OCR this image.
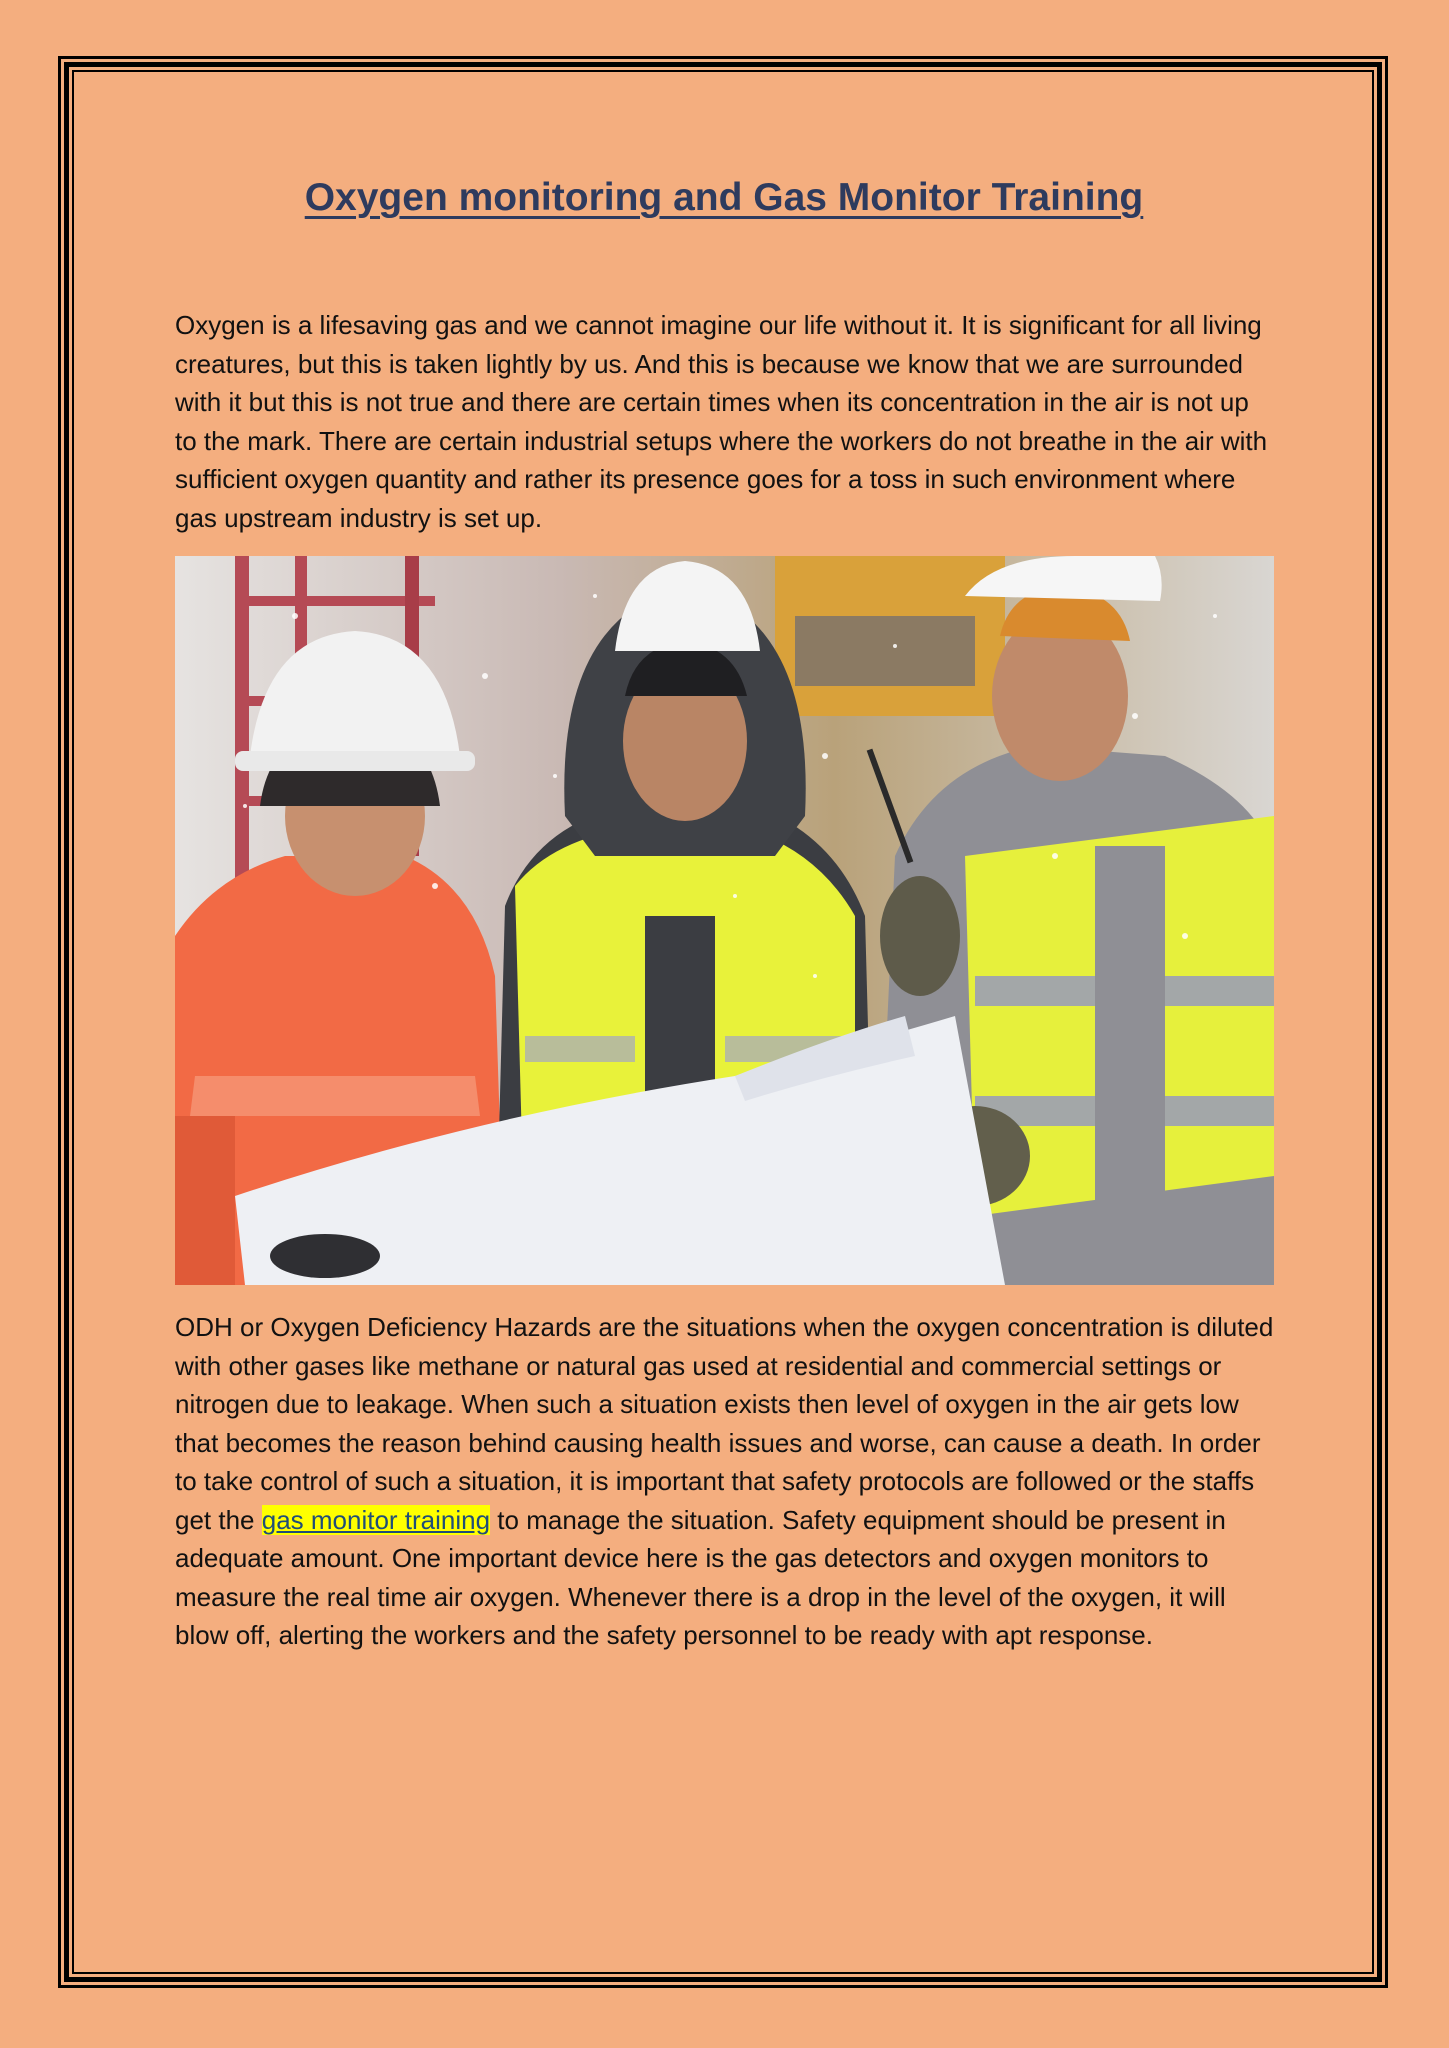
Oxygen monitoring and Gas Monitor Training

Oxygen is a lifesaving gas and we cannot imagine our life without it. It is significant for all living creatures, but this is taken lightly by us. And this is because we know that we are surrounded with it but this is not true and there are certain times when its concentration in the air is not up to the mark. There are certain industrial setups where the workers do not breathe in the air with sufficient oxygen quantity and rather its presence goes for a toss in such environment where gas upstream industry is set up.

ODH or Oxygen Deficiency Hazards are the situations when the oxygen concentration is diluted with other gases like methane or natural gas used at residential and commercial settings or nitrogen due to leakage. When such a situation exists then level of oxygen in the air gets low that becomes the reason behind causing health issues and worse, can cause a death. In order to take control of such a situation, it is important that safety protocols are followed or the staffs get the gas monitor training to manage the situation. Safety equipment should be present in adequate amount. One important device here is the gas detectors and oxygen monitors to measure the real time air oxygen. Whenever there is a drop in the level of the oxygen, it will blow off, alerting the workers and the safety personnel to be ready with apt response.
